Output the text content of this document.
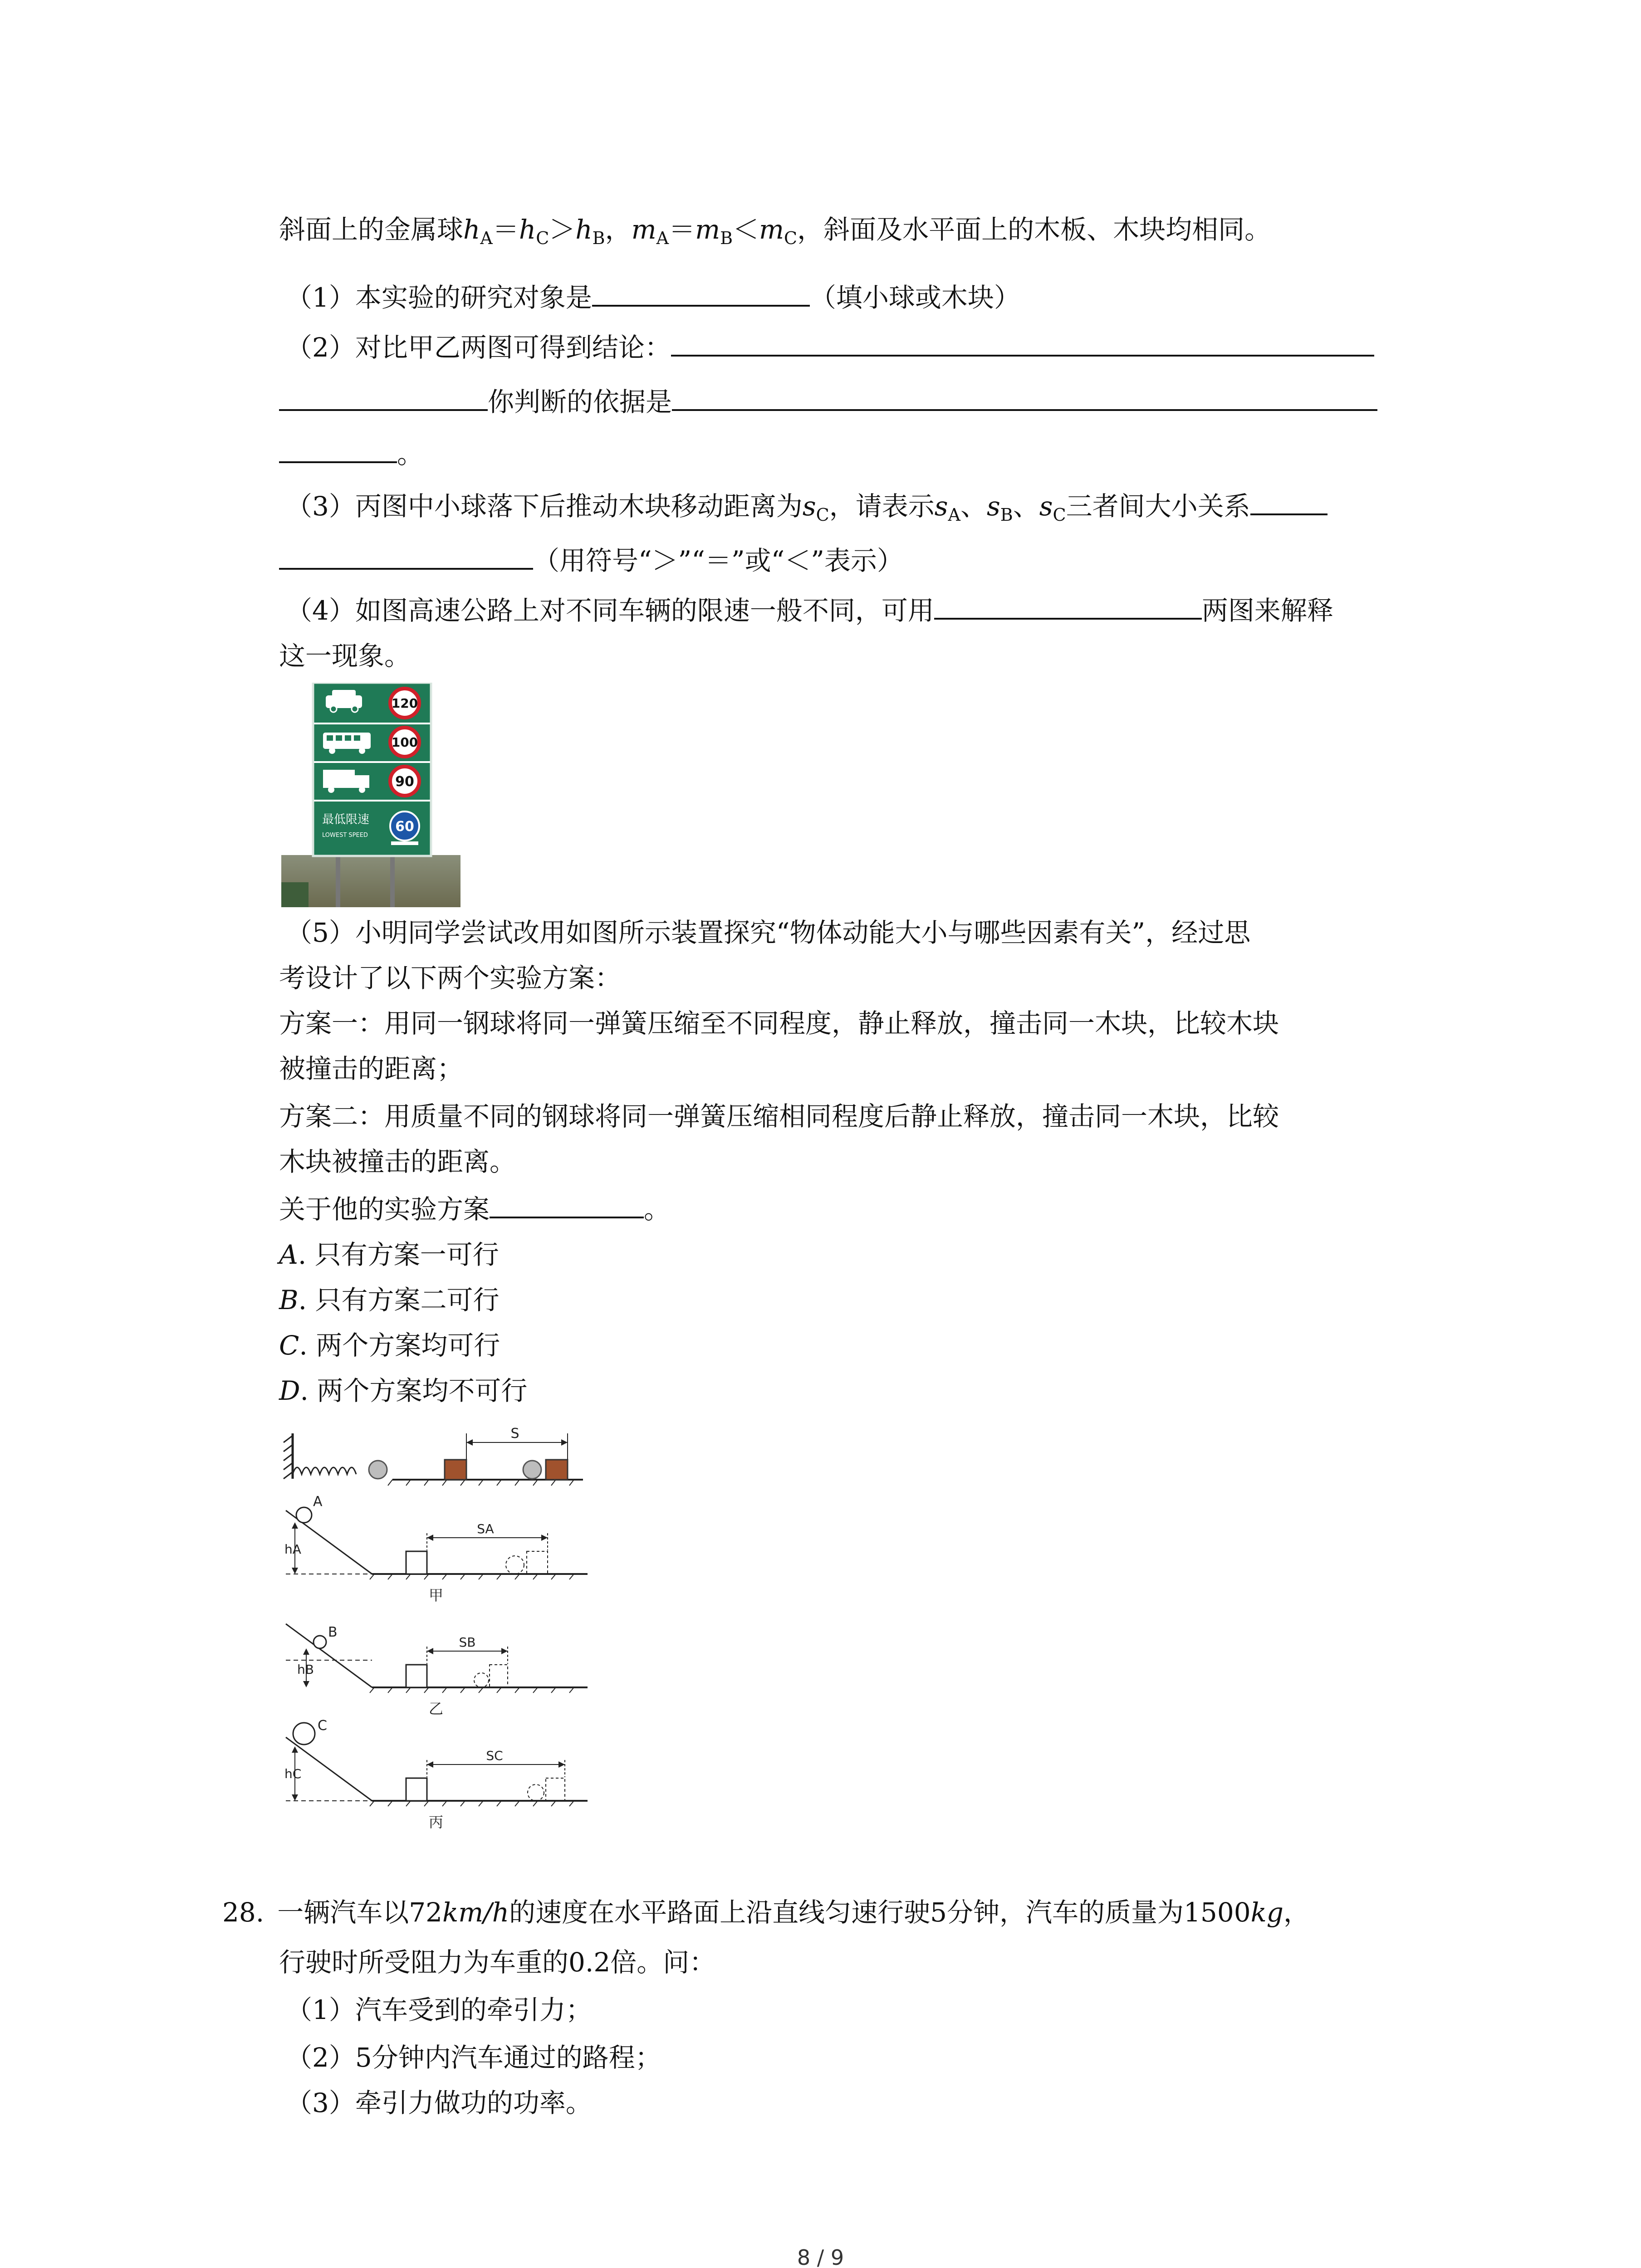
斜面上的金属球$h_A=h_C>h_B$，$m_A=m_B<m_C$，斜面及水平面上的木板、木块均相同。
（1）本实验的研究对象是	（填小球或木块）
（2）对比甲乙两图可得到结论：
你判断的依据是
。
（3）丙图中小球落下后推动木块移动距离为$s_C$，请表示$s_A$、$s_B$、$s_C$三者间大小关系
（用符号“＞”“＝”或“＜”表示）
（4）如图高速公路上对不同车辆的限速一般不同，可用	两图来解释
这一现象。
120
100
90
最低限速
LOWEST SPEED
60
（5）小明同学尝试改用如图所示装置探究“物体动能大小与哪些因素有关”，经过思
考设计了以下两个实验方案：
方案一：用同一钢球将同一弹簧压缩至不同程度，静止释放，撞击同一木块，比较木块
被撞击的距离；
方案二：用质量不同的钢球将同一弹簧压缩相同程度后静止释放，撞击同一木块，比较
木块被撞击的距离。
关于他的实验方案	。
A. 只有方案一可行
B. 只有方案二可行
C. 两个方案均可行
D. 两个方案均不可行
S
A
hA
SA
甲
B
hB
SB
乙
C
hC
SC
丙
28.  一辆汽车以72km/h的速度在水平路面上沿直线匀速行驶5分钟，汽车的质量为1500kg，
行驶时所受阻力为车重的0.2倍。问：
（1）汽车受到的牵引力；
（2）5分钟内汽车通过的路程；
（3）牵引力做功的功率。
8 / 9
